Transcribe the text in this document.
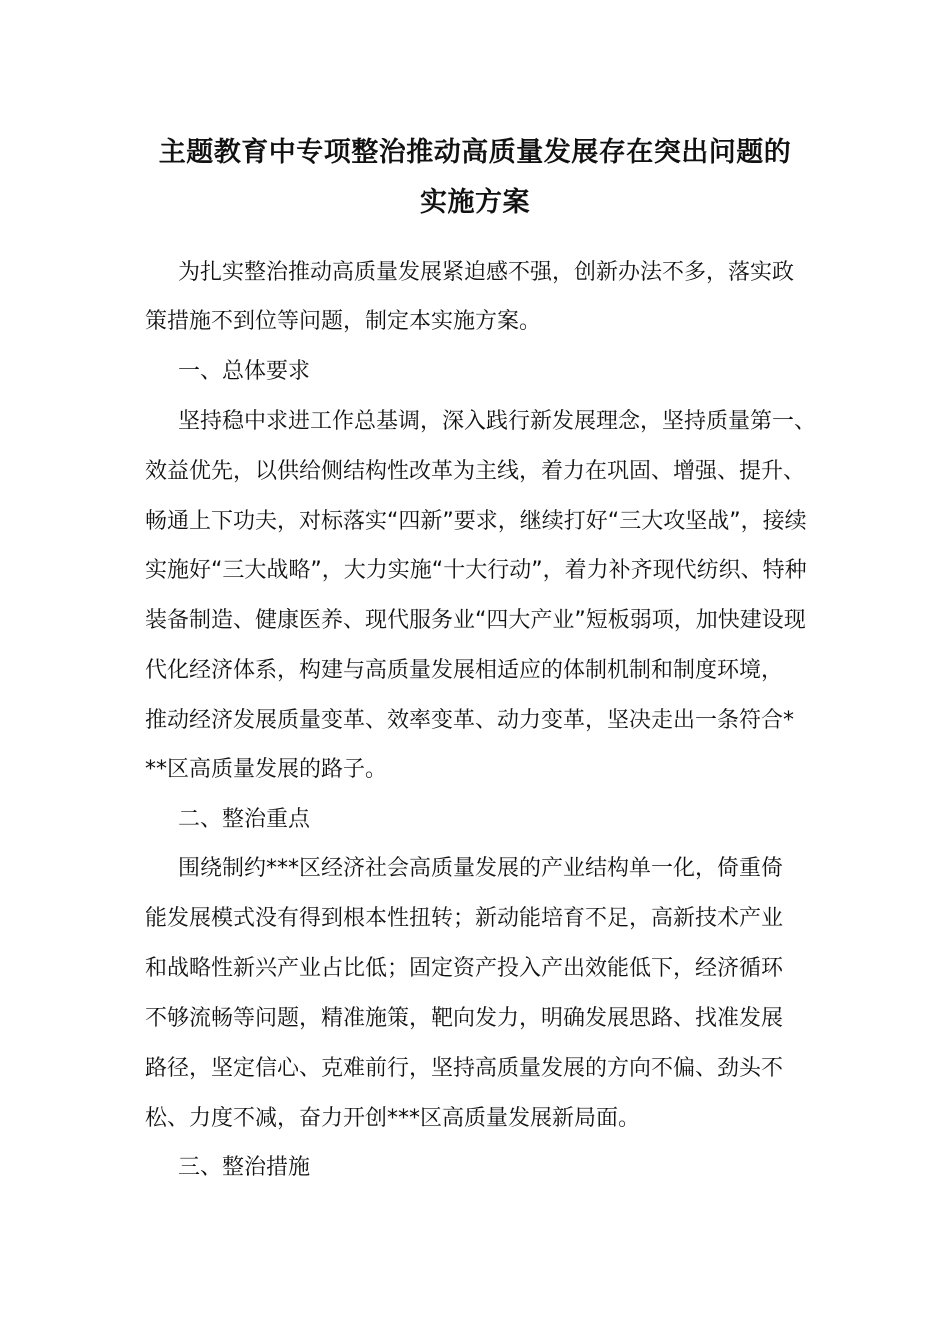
主题教育中专项整治推动高质量发展存在突出问题的
实施方案

为扎实整治推动高质量发展紧迫感不强，创新办法不多，落实政

策措施不到位等问题，制定本实施方案。

一、总体要求

坚持稳中求进工作总基调，深入践行新发展理念，坚持质量第一、

效益优先，以供给侧结构性改革为主线，着力在巩固、增强、提升、

畅通上下功夫，对标落实“四新”要求，继续打好“三大攻坚战”，接续

实施好“三大战略”，大力实施“十大行动”，着力补齐现代纺织、特种

装备制造、健康医养、现代服务业“四大产业”短板弱项，加快建设现

代化经济体系，构建与高质量发展相适应的体制机制和制度环境，

推动经济发展质量变革、效率变革、动力变革，坚决走出一条符合*

**区高质量发展的路子。

二、整治重点

围绕制约***区经济社会高质量发展的产业结构单一化，倚重倚

能发展模式没有得到根本性扭转；新动能培育不足，高新技术产业

和战略性新兴产业占比低；固定资产投入产出效能低下，经济循环

不够流畅等问题，精准施策，靶向发力，明确发展思路、找准发展

路径，坚定信心、克难前行，坚持高质量发展的方向不偏、劲头不

松、力度不减，奋力开创***区高质量发展新局面。

三、整治措施
